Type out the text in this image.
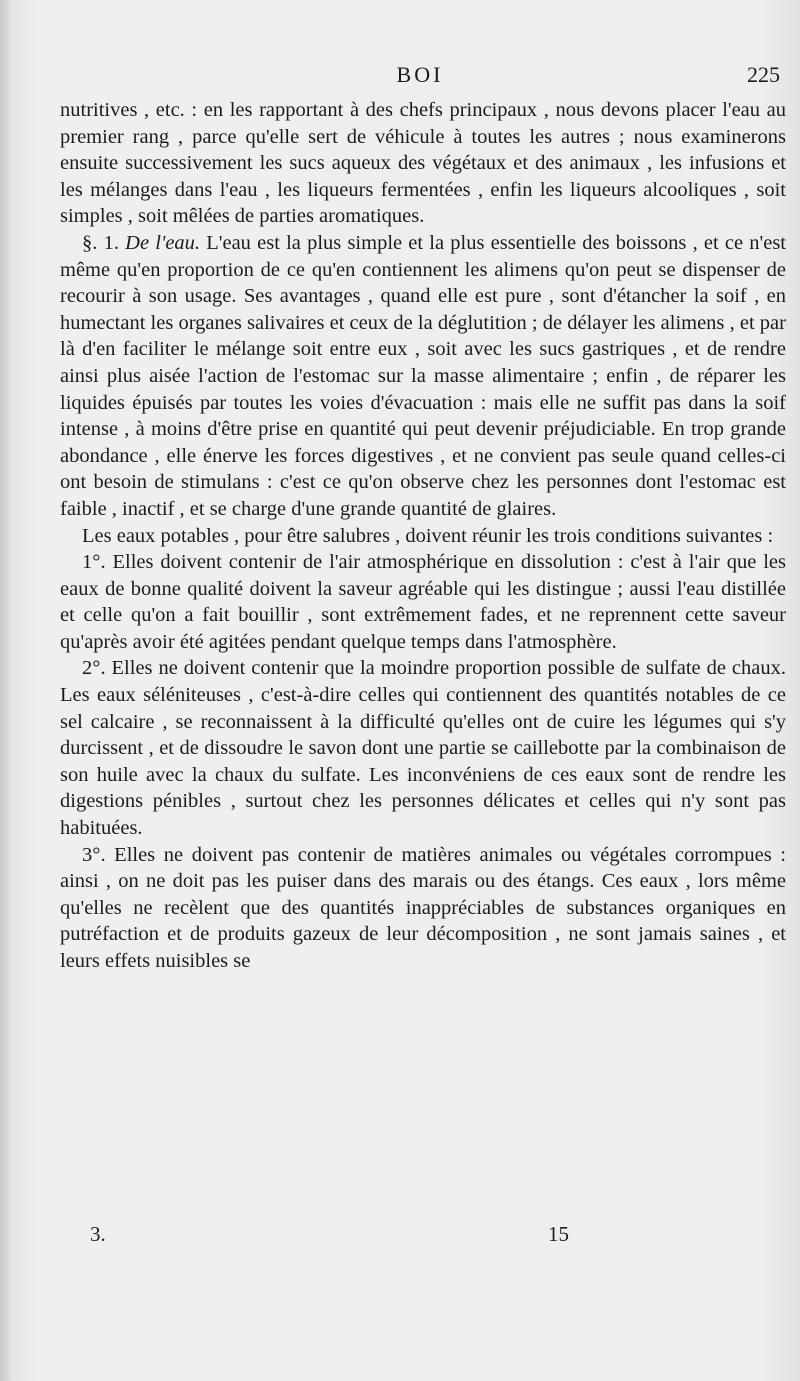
BOI	225

nutritives , etc. : en les rapportant à des chefs principaux , nous devons placer l'eau au premier rang , parce qu'elle sert de véhicule à toutes les autres ; nous examinerons ensuite successivement les sucs aqueux des végétaux et des animaux , les infusions et les mélanges dans l'eau , les liqueurs fermentées , enfin les liqueurs alcooliques , soit simples , soit mêlées de parties aromatiques.

§. 1. De l'eau. L'eau est la plus simple et la plus essentielle des boissons , et ce n'est même qu'en proportion de ce qu'en contiennent les alimens qu'on peut se dispenser de recourir à son usage. Ses avantages , quand elle est pure , sont d'étancher la soif , en humectant les organes salivaires et ceux de la déglutition ; de délayer les alimens , et par là d'en faciliter le mélange soit entre eux , soit avec les sucs gastriques , et de rendre ainsi plus aisée l'action de l'estomac sur la masse alimentaire ; enfin , de réparer les liquides épuisés par toutes les voies d'évacuation : mais elle ne suffit pas dans la soif intense , à moins d'être prise en quantité qui peut devenir préjudiciable. En trop grande abondance , elle énerve les forces digestives , et ne convient pas seule quand celles-ci ont besoin de stimulans : c'est ce qu'on observe chez les personnes dont l'estomac est faible , inactif , et se charge d'une grande quantité de glaires.

Les eaux potables , pour être salubres , doivent réunir les trois conditions suivantes :

1°. Elles doivent contenir de l'air atmosphérique en dissolution : c'est à l'air que les eaux de bonne qualité doivent la saveur agréable qui les distingue ; aussi l'eau distillée et celle qu'on a fait bouillir , sont extrêmement fades, et ne reprennent cette saveur qu'après avoir été agitées pendant quelque temps dans l'atmosphère.

2°. Elles ne doivent contenir que la moindre proportion possible de sulfate de chaux. Les eaux séléniteuses , c'est-à-dire celles qui contiennent des quantités notables de ce sel calcaire , se reconnaissent à la difficulté qu'elles ont de cuire les légumes qui s'y durcissent , et de dissoudre le savon dont une partie se caillebotte par la combinaison de son huile avec la chaux du sulfate. Les inconvéniens de ces eaux sont de rendre les digestions pénibles , surtout chez les personnes délicates et celles qui n'y sont pas habituées.

3°. Elles ne doivent pas contenir de matières animales ou végétales corrompues : ainsi , on ne doit pas les puiser dans des marais ou des étangs. Ces eaux , lors même qu'elles ne recèlent que des quantités inappréciables de substances organiques en putréfaction et de produits gazeux de leur décomposition , ne sont jamais saines , et leurs effets nuisibles se

3.	15
